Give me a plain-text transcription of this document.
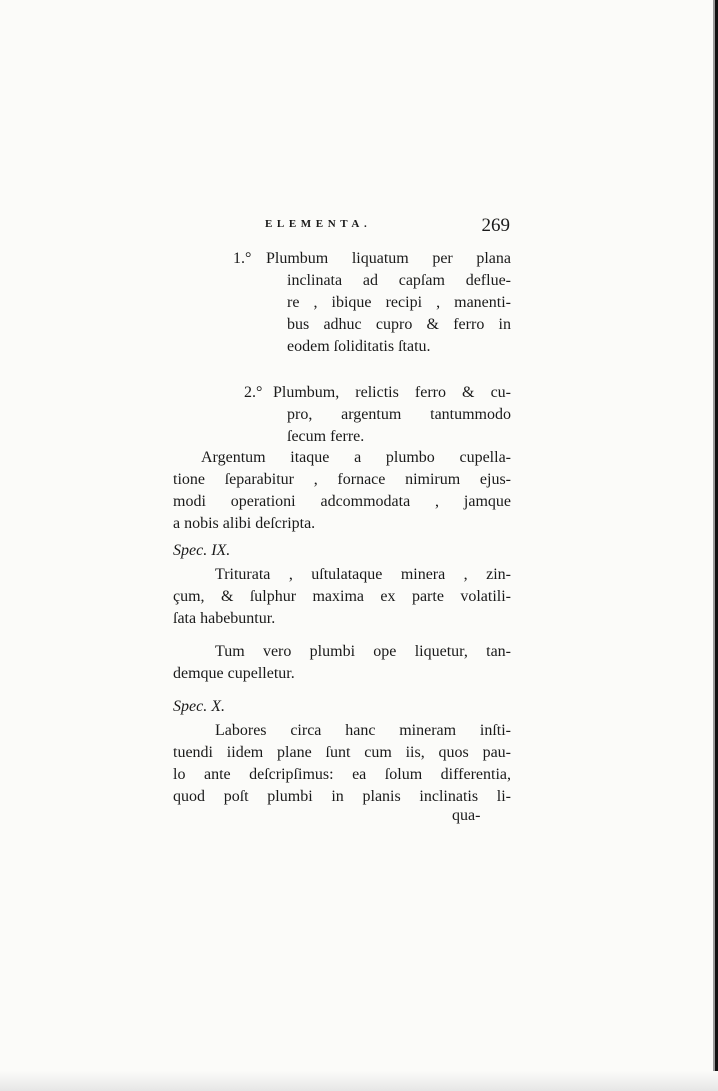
ELEMENTA.	269
1.° Plumbum liquatum per plana
inclinata ad capſam deflue-
re , ibique recipi , manenti-
bus adhuc cupro & ferro in
eodem ſoliditatis ſtatu.
2.° Plumbum, relictis ferro & cu-
pro, argentum tantummodo
ſecum ferre.
Argentum itaque a plumbo cupella-
tione ſeparabitur , fornace nimirum ejus-
modi operationi adcommodata , jamque
a nobis alibi deſcripta.
Spec. IX.
Triturata , uſtulataque minera , zin-
çum, & ſulphur maxima ex parte volatili-
ſata habebuntur.
Tum vero plumbi ope liquetur, tan-
demque cupelletur.
Spec. X.
Labores circa hanc mineram inſti-
tuendi iidem plane ſunt cum iis, quos pau-
lo ante deſcripſimus: ea ſolum differentia,
quod poſt plumbi in planis inclinatis li-
qua-
